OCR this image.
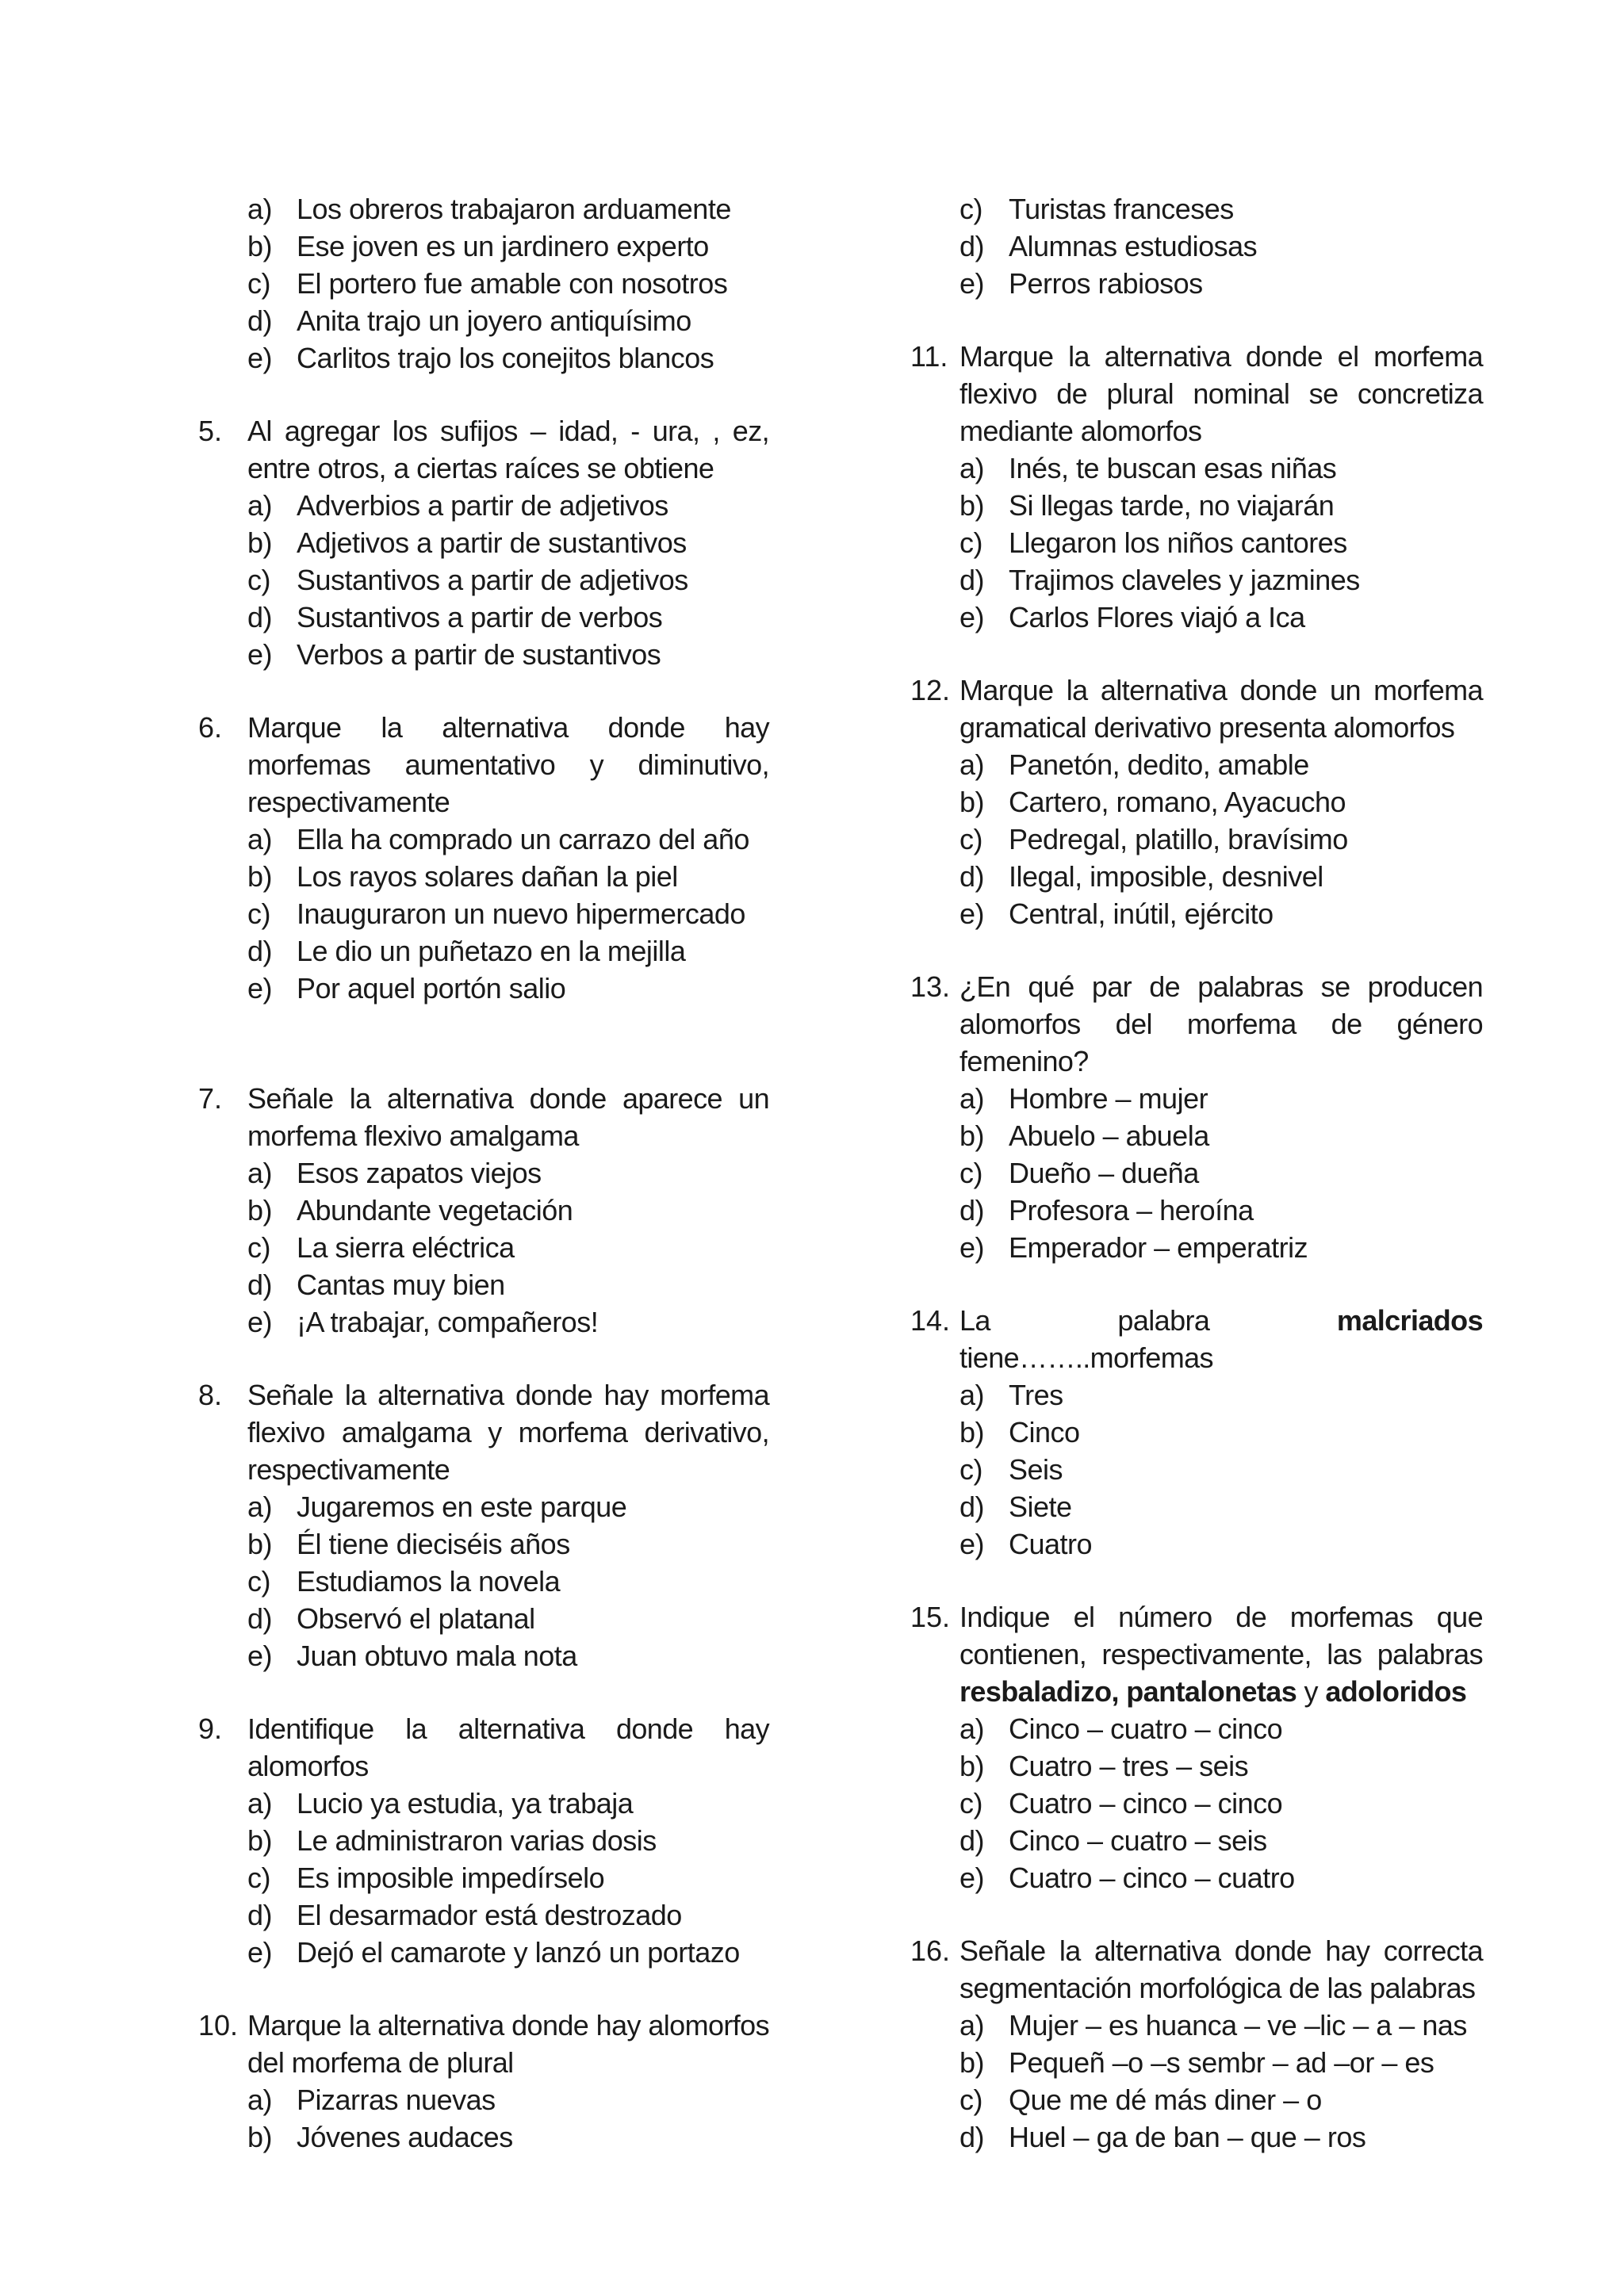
a) Los obreros trabajaron arduamente
b) Ese joven es un jardinero experto
c) El portero fue amable con nosotros
d) Anita trajo un joyero antiquísimo
e) Carlitos trajo los conejitos blancos
5. Al agregar los sufijos – idad, - ura, , ez, entre otros, a ciertas raíces se obtiene
a) Adverbios a partir de adjetivos
b) Adjetivos a partir de sustantivos
c) Sustantivos a partir de adjetivos
d) Sustantivos a partir de verbos
e) Verbos a partir de sustantivos
6. Marque la alternativa donde hay morfemas aumentativo y diminutivo, respectivamente
a) Ella ha comprado un carrazo del año
b) Los rayos solares dañan la piel
c) Inauguraron un nuevo hipermercado
d) Le dio un puñetazo en la mejilla
e) Por aquel portón salio
7. Señale la alternativa donde aparece un morfema flexivo amalgama
a) Esos zapatos viejos
b) Abundante vegetación
c) La sierra eléctrica
d) Cantas muy bien
e) ¡A trabajar, compañeros!
8. Señale la alternativa donde hay morfema flexivo amalgama y morfema derivativo, respectivamente
a) Jugaremos en este parque
b) Él tiene dieciséis años
c) Estudiamos la novela
d) Observó el platanal
e) Juan obtuvo mala nota
9. Identifique la alternativa donde hay alomorfos
a) Lucio ya estudia, ya trabaja
b) Le administraron varias dosis
c) Es imposible impedírselo
d) El desarmador está destrozado
e) Dejó el camarote y lanzó un portazo
10. Marque la alternativa donde hay alomorfos del morfema de plural
a) Pizarras nuevas
b) Jóvenes audaces
c) Turistas franceses
d) Alumnas estudiosas
e) Perros rabiosos
11. Marque la alternativa donde el morfema flexivo de plural nominal se concretiza mediante alomorfos
a) Inés, te buscan esas niñas
b) Si llegas tarde, no viajarán
c) Llegaron los niños cantores
d) Trajimos claveles y jazmines
e) Carlos Flores viajó a Ica
12. Marque la alternativa donde un morfema gramatical derivativo presenta alomorfos
a) Panetón, dedito, amable
b) Cartero, romano, Ayacucho
c) Pedregal, platillo, bravísimo
d) Ilegal, imposible, desnivel
e) Central, inútil, ejército
13. ¿En qué par de palabras se producen alomorfos del morfema de género femenino?
a) Hombre – mujer
b) Abuelo – abuela
c) Dueño – dueña
d) Profesora – heroína
e) Emperador – emperatriz
14. La palabra malcriados tiene……..morfemas
a) Tres
b) Cinco
c) Seis
d) Siete
e) Cuatro
15. Indique el número de morfemas que contienen, respectivamente, las palabras resbaladizo, pantalonetas y adoloridos
a) Cinco – cuatro – cinco
b) Cuatro – tres – seis
c) Cuatro – cinco – cinco
d) Cinco – cuatro – seis
e) Cuatro – cinco – cuatro
16. Señale la alternativa donde hay correcta segmentación morfológica de las palabras
a) Mujer – es huanca – ve –lic – a – nas
b) Pequeñ –o –s sembr – ad –or – es
c) Que me dé más diner – o
d) Huel – ga de ban – que – ros
